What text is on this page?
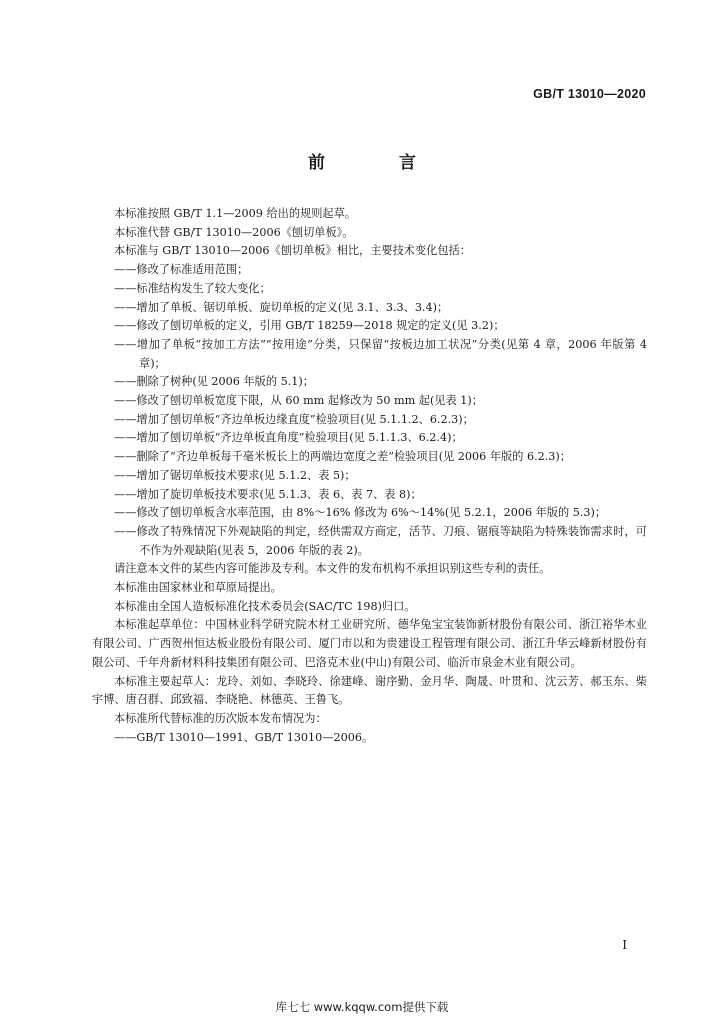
GB/T 13010—2020
前 言

本标准按照 GB/T 1.1—2009 给出的规则起草。

本标准代替 GB/T 13010—2006《刨切单板》。

本标准与 GB/T 13010—2006《刨切单板》相比，主要技术变化包括：

——修改了标准适用范围；

——标准结构发生了较大变化；

——增加了单板、锯切单板、旋切单板的定义(见 3.1、3.3、3.4)；

——修改了刨切单板的定义，引用 GB/T 18259—2018 规定的定义(见 3.2)；

——增加了单板“按加工方法”“按用途”分类，只保留“按板边加工状况”分类(见第 4 章，2006 年版第 4 章)；

——删除了树种(见 2006 年版的 5.1)；

——修改了刨切单板宽度下限，从 60 mm 起修改为 50 mm 起(见表 1)；

——增加了刨切单板“齐边单板边缘直度”检验项目(见 5.1.1.2、6.2.3)；

——增加了刨切单板“齐边单板直角度”检验项目(见 5.1.1.3、6.2.4)；

——删除了“齐边单板每千毫米板长上的两端边宽度之差”检验项目(见 2006 年版的 6.2.3)；

——增加了锯切单板技术要求(见 5.1.2、表 5)；

——增加了旋切单板技术要求(见 5.1.3、表 6、表 7、表 8)；

——修改了刨切单板含水率范围，由 8%～16% 修改为 6%～14%(见 5.2.1，2006 年版的 5.3)；

——修改了特殊情况下外观缺陷的判定，经供需双方商定，活节、刀痕、锯痕等缺陷为特殊装饰需求时，可不作为外观缺陷(见表 5，2006 年版的表 2)。

请注意本文件的某些内容可能涉及专利。本文件的发布机构不承担识别这些专利的责任。

本标准由国家林业和草原局提出。

本标准由全国人造板标准化技术委员会(SAC/TC 198)归口。

本标准起草单位：中国林业科学研究院木材工业研究所、德华兔宝宝装饰新材股份有限公司、浙江裕华木业有限公司、广西贺州恒达板业股份有限公司、厦门市以和为贵建设工程管理有限公司、浙江升华云峰新材股份有限公司、千年舟新材料科技集团有限公司、巴洛克木业(中山)有限公司、临沂市泉金木业有限公司。

本标准主要起草人：龙玲、刘如、李晓玲、徐建峰、谢序勤、金月华、陶晟、叶贯和、沈云芳、郝玉东、柴宇博、唐召群、邱致福、李晓艳、林德英、王鲁飞。

本标准所代替标准的历次版本发布情况为：

——GB/T 13010—1991、GB/T 13010—2006。

I
库七七 www.kqqw.com提供下载
